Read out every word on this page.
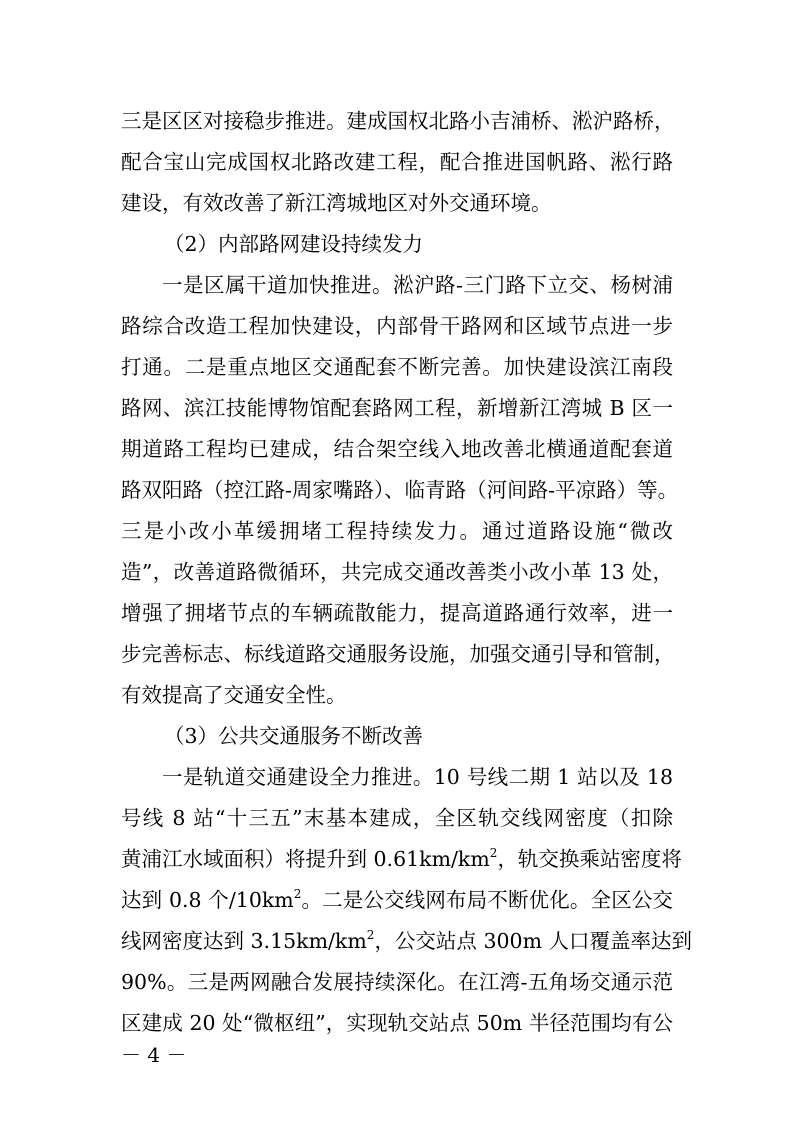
三是区区对接稳步推进。建成国权北路小吉浦桥、淞沪路桥，
配合宝山完成国权北路改建工程，配合推进国帆路、淞行路
建设，有效改善了新江湾城地区对外交通环境。
（2）内部路网建设持续发力
一是区属干道加快推进。淞沪路-三门路下立交、杨树浦
路综合改造工程加快建设，内部骨干路网和区域节点进一步
打通。二是重点地区交通配套不断完善。加快建设滨江南段
路网、滨江技能博物馆配套路网工程，新增新江湾城 B 区一
期道路工程均已建成，结合架空线入地改善北横通道配套道
路双阳路（控江路-周家嘴路）、临青路（河间路-平凉路）等。
三是小改小革缓拥堵工程持续发力。通过道路设施“微改
造”，改善道路微循环，共完成交通改善类小改小革 13 处，
增强了拥堵节点的车辆疏散能力，提高道路通行效率，进一
步完善标志、标线道路交通服务设施，加强交通引导和管制，
有效提高了交通安全性。
（3）公共交通服务不断改善
一是轨道交通建设全力推进。10 号线二期 1 站以及 18
号线 8 站“十三五”末基本建成，全区轨交线网密度（扣除
黄浦江水域面积）将提升到 $0.61km/km^2$，轨交换乘站密度将
达到 0.8 个$/10km^2$。二是公交线网布局不断优化。全区公交
线网密度达到 $3.15km/km^2$，公交站点 300m 人口覆盖率达到
90%。三是两网融合发展持续深化。在江湾-五角场交通示范
区建成 20 处“微枢纽”，实现轨交站点 50m 半径范围均有公
－ 4 －
